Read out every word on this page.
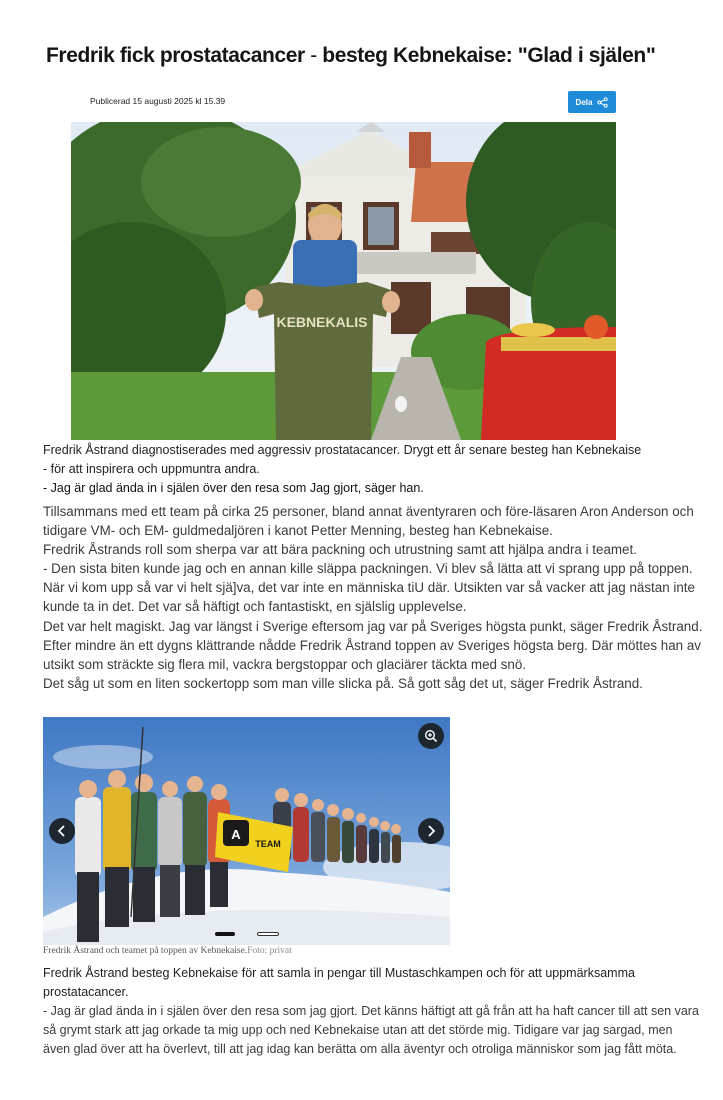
Fredrik fick prostatacancer - besteg Kebnekaise: "Glad i själen"
Publicerad 15 augusti 2025 kl 15.39	Dela
KEBNEKALIS

Fredrik Åstrand diagnostiserades med aggressiv prostatacancer. Drygt ett år senare besteg han Kebnekaise

- för att inspirera och uppmuntra andra.

- Jag är glad ända in i själen över den resa som Jag gjort, säger han.

Tillsammans med ett team på cirka 25 personer, bland annat äventyraren och före-läsaren Aron Anderson och tidigare VM- och EM- guldmedaljören i kanot Petter Menning, besteg han Kebnekaise.

Fredrik Åstrands roll som sherpa var att bära packning och utrustning samt att hjälpa andra i teamet.

- Den sista biten kunde jag och en annan kille släppa packningen. Vi blev så lätta att vi sprang upp på toppen. När vi kom upp så var vi helt sjä]va, det var inte en människa tiU där. Utsikten var så vacker att jag nästan inte kunde ta in det. Det var så häftigt och fantastiskt, en själslig upplevelse.

Det var helt magiskt. Jag var längst i Sverige eftersom jag var på Sveriges högsta punkt, säger Fredrik Åstrand.

Efter mindre än ett dygns klättrande nådde Fredrik Åstrand toppen av Sveriges högsta berg. Där möttes han av utsikt som sträckte sig flera mil, vackra bergstoppar och glaciärer täckta med snö.

Det såg ut som en liten sockertopp som man ville slicka på. Så gott såg det ut, säger Fredrik Åstrand.

A
TEAM
Fredrik Åstrand och teamet på toppen av Kebnekaise.Foto: privat

Fredrik Åstrand besteg Kebnekaise för att samla in pengar till Mustaschkampen och för att uppmärksamma prostatacancer.

- Jag är glad ända in i själen över den resa som jag gjort. Det känns häftigt att gå från att ha haft cancer till att sen vara så grymt stark att jag orkade ta mig upp och ned Kebnekaise utan att det störde mig. Tidigare var jag sargad, men även glad över att ha överlevt, till att jag idag kan berätta om alla äventyr och otroliga människor som jag fått möta.
